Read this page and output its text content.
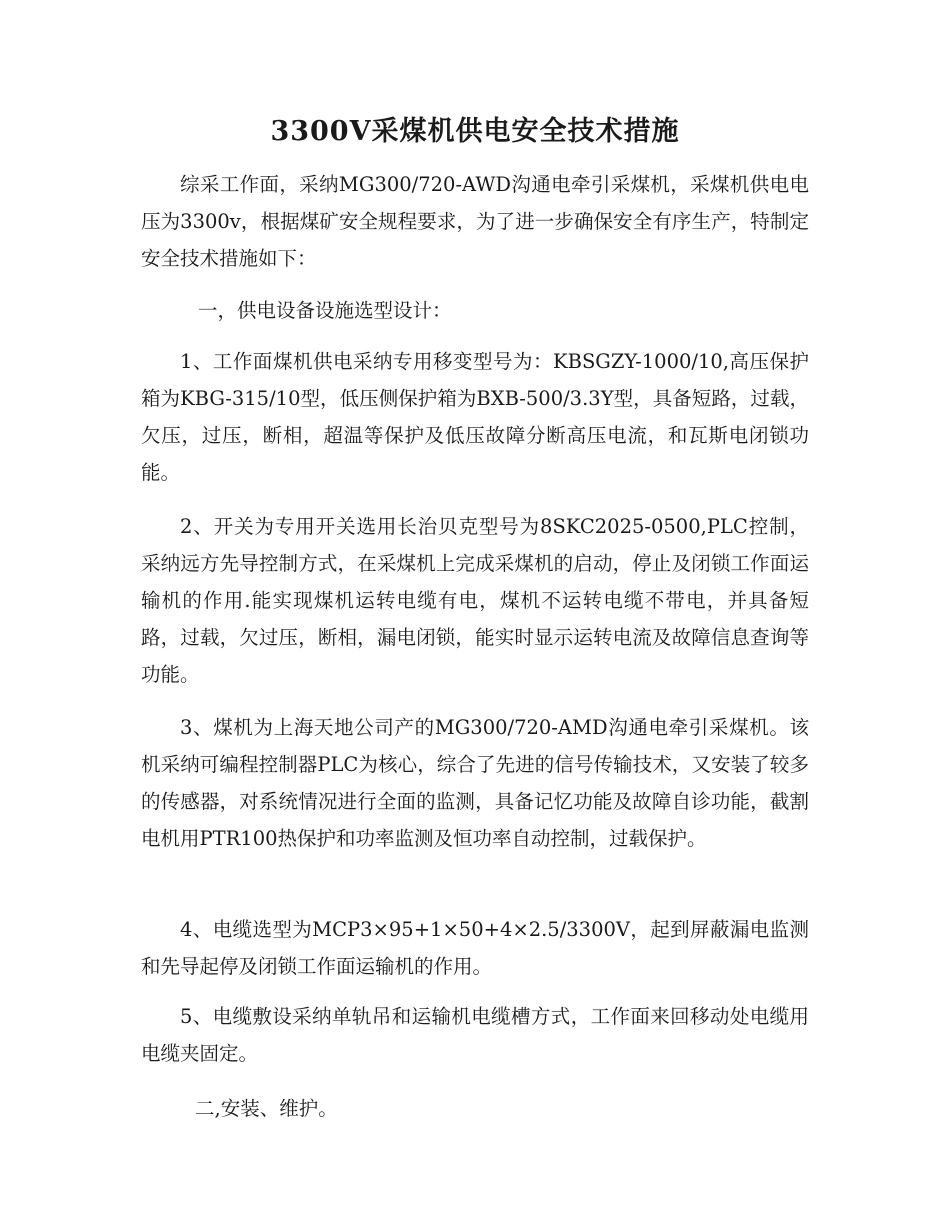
3300V采煤机供电安全技术措施

综采工作面，采纳MG300/720-AWD沟通电牵引采煤机，采煤机供电电压为3300v，根据煤矿安全规程要求，为了进一步确保安全有序生产，特制定安全技术措施如下：

一，供电设备设施选型设计：

1、工作面煤机供电采纳专用移变型号为：KBSGZY-1000/10,高压保护箱为KBG-315/10型，低压侧保护箱为BXB-500/3.3Y型，具备短路，过载，欠压，过压，断相，超温等保护及低压故障分断高压电流，和瓦斯电闭锁功能。

2、开关为专用开关选用长治贝克型号为8SKC2025-0500,PLC控制，采纳远方先导控制方式，在采煤机上完成采煤机的启动，停止及闭锁工作面运输机的作用.能实现煤机运转电缆有电，煤机不运转电缆不带电，并具备短路，过载，欠过压，断相，漏电闭锁，能实时显示运转电流及故障信息查询等功能。

3、煤机为上海天地公司产的MG300/720-AMD沟通电牵引采煤机。该机采纳可编程控制器PLC为核心，综合了先进的信号传输技术，又安装了较多的传感器，对系统情况进行全面的监测，具备记忆功能及故障自诊功能，截割电机用PTR100热保护和功率监测及恒功率自动控制，过载保护。

4、电缆选型为MCP3×95+1×50+4×2.5/3300V，起到屏蔽漏电监测和先导起停及闭锁工作面运输机的作用。

5、电缆敷设采纳单轨吊和运输机电缆槽方式，工作面来回移动处电缆用电缆夹固定。

二,安装、维护。
